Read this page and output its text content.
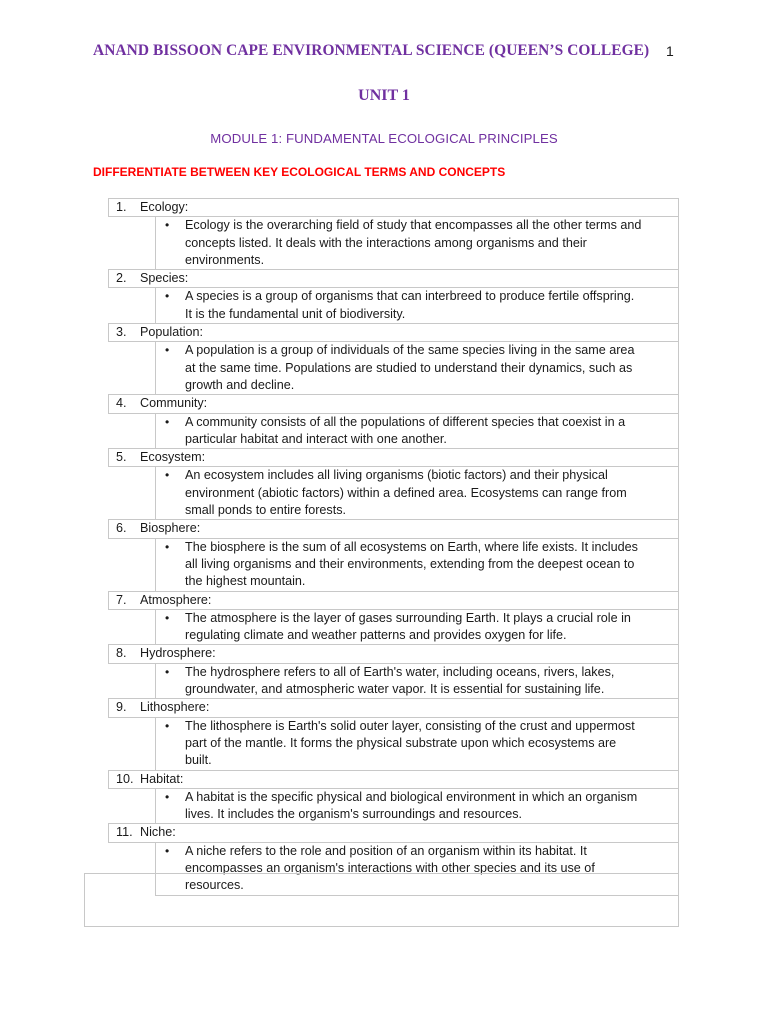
ANAND BISSOON CAPE ENVIRONMENTAL SCIENCE (QUEEN’S COLLEGE) 1
UNIT 1
MODULE 1: FUNDAMENTAL ECOLOGICAL PRINCIPLES
DIFFERENTIATE BETWEEN KEY ECOLOGICAL TERMS AND CONCEPTS
1. Ecology:	

	• Ecology is the overarching field of study that encompasses all the other terms and
concepts listed. It deals with the interactions among organisms and their
environments.

2. Species:	

	• A species is a group of organisms that can interbreed to produce fertile offspring.
It is the fundamental unit of biodiversity.

3. Population:	

	• A population is a group of individuals of the same species living in the same area
at the same time. Populations are studied to understand their dynamics, such as
growth and decline.

4. Community:	

	• A community consists of all the populations of different species that coexist in a
particular habitat and interact with one another.

5. Ecosystem:	

	• An ecosystem includes all living organisms (biotic factors) and their physical
environment (abiotic factors) within a defined area. Ecosystems can range from
small ponds to entire forests.

6. Biosphere:	

	• The biosphere is the sum of all ecosystems on Earth, where life exists. It includes
all living organisms and their environments, extending from the deepest ocean to
the highest mountain.

7. Atmosphere:	

	• The atmosphere is the layer of gases surrounding Earth. It plays a crucial role in
regulating climate and weather patterns and provides oxygen for life.

8. Hydrosphere:	

	• The hydrosphere refers to all of Earth's water, including oceans, rivers, lakes,
groundwater, and atmospheric water vapor. It is essential for sustaining life.

9. Lithosphere:	

	• The lithosphere is Earth's solid outer layer, consisting of the crust and uppermost
part of the mantle. It forms the physical substrate upon which ecosystems are
built.

10. Habitat:	

	• A habitat is the specific physical and biological environment in which an organism
lives. It includes the organism's surroundings and resources.

11. Niche:	

	• A niche refers to the role and position of an organism within its habitat. It
encompasses an organism's interactions with other species and its use of
resources.
